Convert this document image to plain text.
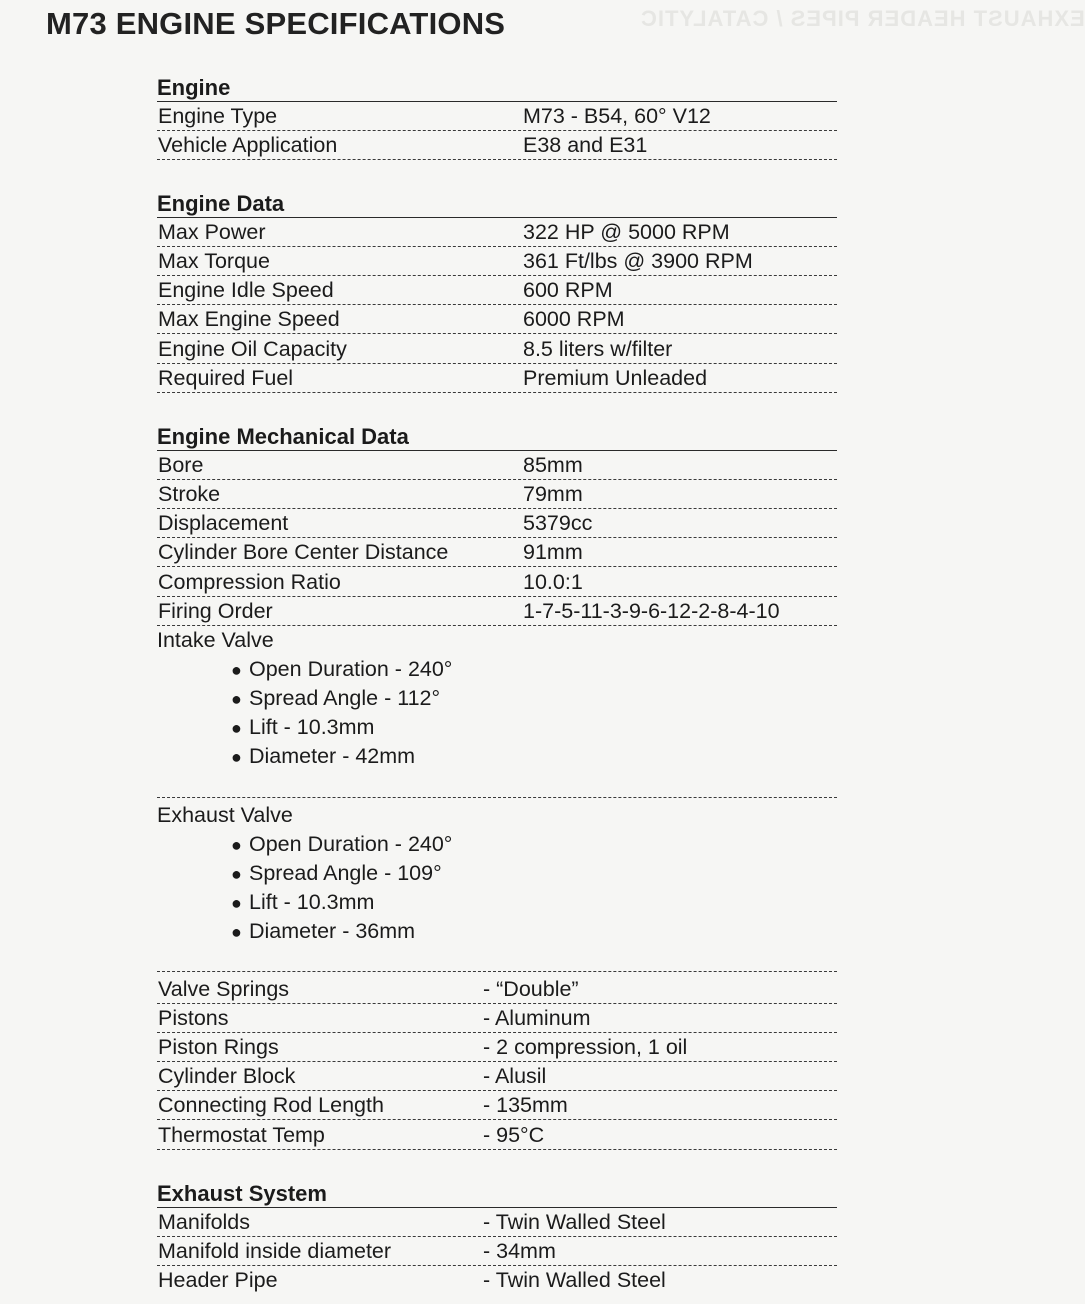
EXHAUST HEADER PIPES / CATALYTIC
M73 ENGINE SPECIFICATIONS
Engine
Engine Type	M73 - B54, 60° V12
Vehicle Application	E38 and E31
Engine Data
Max Power	322 HP @ 5000 RPM
Max Torque	361 Ft/lbs @ 3900 RPM
Engine Idle Speed	600 RPM
Max Engine Speed	6000 RPM
Engine Oil Capacity	8.5 liters w/filter
Required Fuel	Premium Unleaded
Engine Mechanical Data
Bore	85mm
Stroke	79mm
Displacement	5379cc
Cylinder Bore Center Distance	91mm
Compression Ratio	10.0:1
Firing Order	1-7-5-11-3-9-6-12-2-8-4-10
Intake Valve
● Open Duration - 240°
● Spread Angle - 112°
● Lift - 10.3mm
● Diameter - 42mm
Exhaust Valve
● Open Duration - 240°
● Spread Angle - 109°
● Lift - 10.3mm
● Diameter - 36mm
Valve Springs	- “Double”
Pistons	- Aluminum
Piston Rings	- 2 compression, 1 oil
Cylinder Block	- Alusil
Connecting Rod Length	- 135mm
Thermostat Temp	- 95°C
Exhaust System
Manifolds	- Twin Walled Steel
Manifold inside diameter	- 34mm
Header Pipe	- Twin Walled Steel
